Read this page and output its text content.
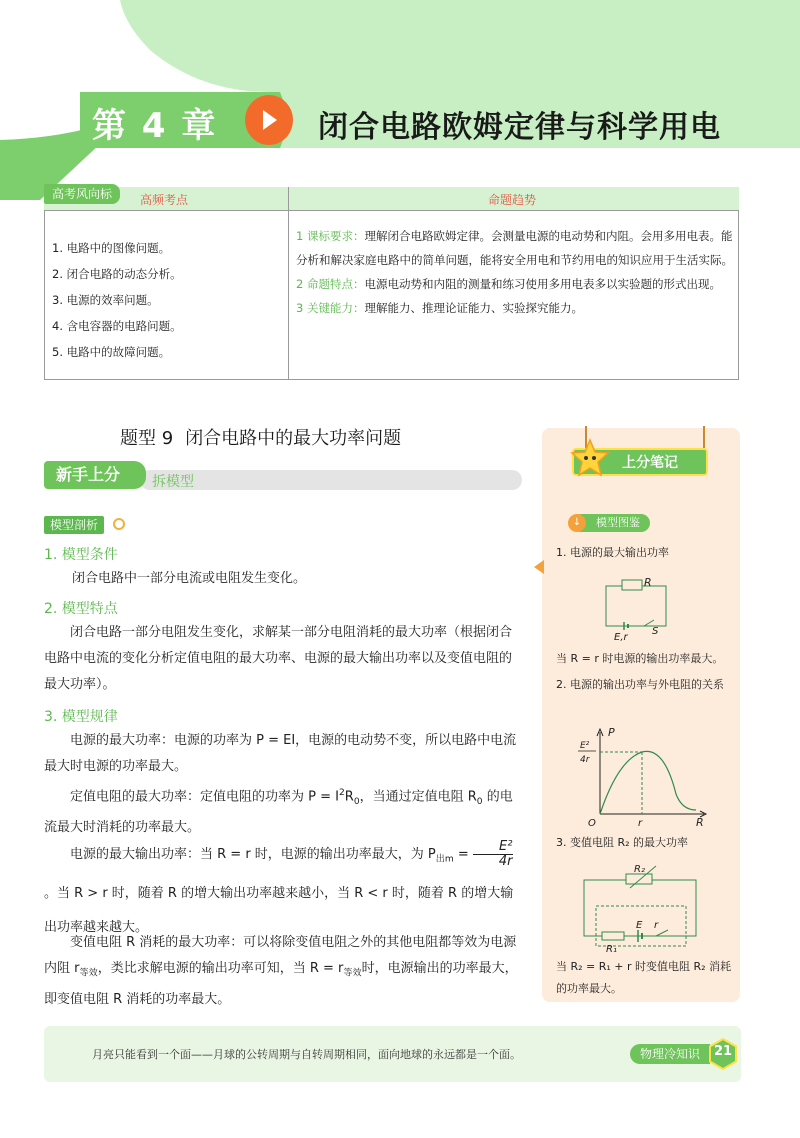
第 4 章	闭合电路欧姆定律与科学用电
高考风向标	高频考点	命题趋势
1. 电路中的图像问题。
2. 闭合电路的动态分析。
3. 电源的效率问题。
4. 含电容器的电路问题。
5. 电路中的故障问题。
1 课标要求：理解闭合电路欧姆定律。会测量电源的电动势和内阻。会用多用电表。能分析和解决家庭电路中的简单问题，能将安全用电和节约用电的知识应用于生活实际。
2 命题特点：电源电动势和内阻的测量和练习使用多用电表多以实验题的形式出现。
3 关键能力：理解能力、推理论证能力、实验探究能力。
题型 9 闭合电路中的最大功率问题
新手上分 拆模型
模型剖析
1. 模型条件
闭合电路中一部分电流或电阻发生变化。
2. 模型特点
闭合电路一部分电阻发生变化，求解某一部分电阻消耗的最大功率（根据闭合电路中电流的变化分析定值电阻的最大功率、电源的最大输出功率以及变值电阻的最大功率）。
3. 模型规律
电源的最大功率：电源的功率为 P = EI，电源的电动势不变，所以电路中电流最大时电源的功率最大。
定值电阻的最大功率：定值电阻的功率为 $P = I^2R_0$，当通过定值电阻 $R_0$ 的电流最大时消耗的功率最大。
电源的最大输出功率：当 R = r 时，电源的输出功率最大，为 $P_{出m} = \frac{\text{E²}}{4r}$
。当 R > r 时，随着 R 的增大输出功率越来越小，当 R < r 时，随着 R 的增大输出功率越来越大。
变值电阻 R 消耗的最大功率：可以将除变值电阻之外的其他电阻都等效为电源内阻 $r_{等效}$，类比求解电源的输出功率可知，当 $R = r_{等效}$时，电源输出的功率最大，即变值电阻 R 消耗的功率最大。
上分笔记
模型图鉴
↓
1. 电源的最大输出功率
R
E,r
S
当 R = r 时电源的输出功率最大。
2. 电源的输出功率与外电阻的关系
P
E²
4r
O	r	R
3. 变值电阻 R₂ 的最大功率
R₂
R₁
E r
当 R₂ = R₁ + r 时变值电阻 R₂ 消耗的功率最大。
月亮只能看到一个面——月球的公转周期与自转周期相同，面向地球的永远都是一个面。	物理冷知识	21
